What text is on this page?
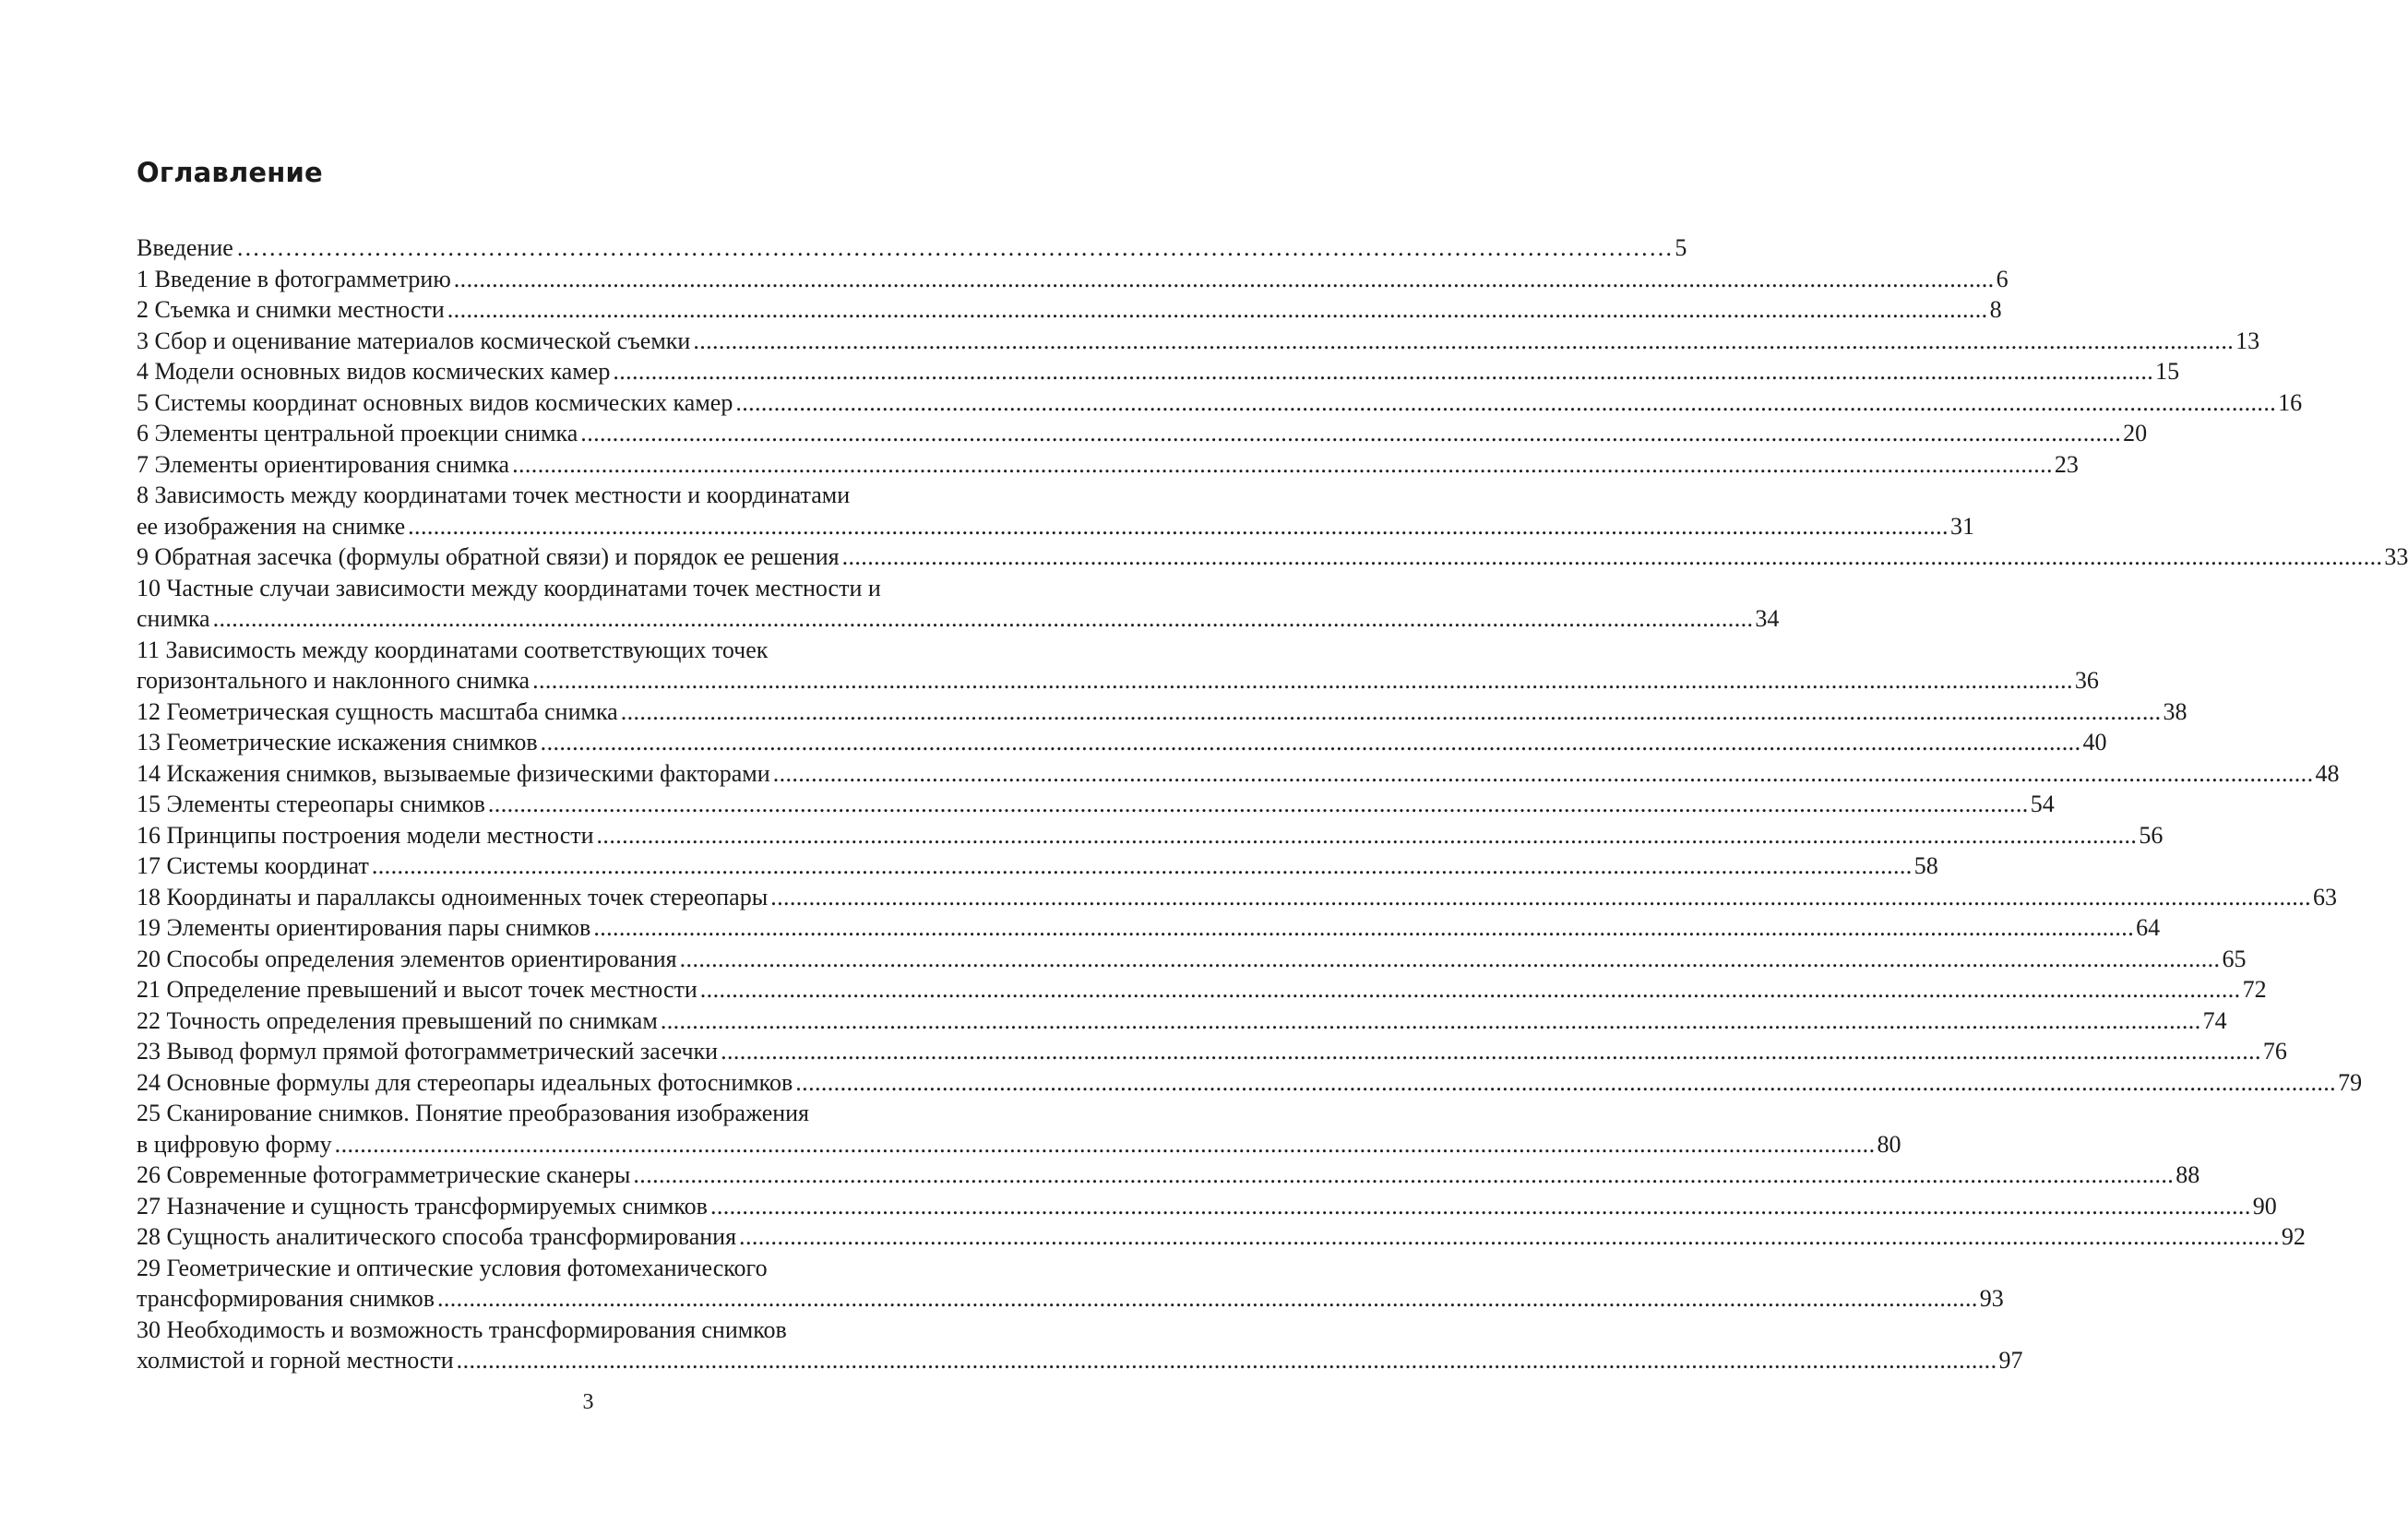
Оглавление
Введение ……………………………………………………………………………………………………………………………………………………………	5
1 Введение в фотограмметрию .....	6
2 Съемка и снимки местности .....	8
3 Сбор и оценивание материалов космической съемки .....	13
4 Модели основных видов космических камер .....	15
5 Системы координат основных видов космических камер .....	16
6 Элементы центральной проекции снимка .....	20
7 Элементы ориентирования снимка .....	23
8 Зависимость между координатами точек местности и координатами
ее изображения на снимке .....	31
9 Обратная засечка (формулы обратной связи) и порядок ее решения .....	33
10 Частные случаи зависимости между координатами точек местности и
снимка .....	34
11 Зависимость между координатами соответствующих точек
горизонтального и наклонного снимка .....	36
12 Геометрическая сущность масштаба снимка .....	38
13 Геометрические искажения снимков .....	40
14 Искажения снимков, вызываемые физическими факторами .....	48
15 Элементы стереопары снимков .....	54
16 Принципы построения модели местности .....	56
17 Системы координат .....	58
18 Координаты и параллаксы одноименных точек стереопары .....	63
19 Элементы ориентирования пары снимков .....	64
20 Способы определения элементов ориентирования .....	65
21 Определение превышений и высот точек местности .....	72
22 Точность определения превышений по снимкам .....	74
23 Вывод формул прямой фотограмметрический засечки .....	76
24 Основные формулы для стереопары идеальных фотоснимков .....	79
25 Сканирование снимков. Понятие преобразования изображения
в цифровую форму .....	80
26 Современные фотограмметрические сканеры .....	88
27 Назначение и сущность трансформируемых снимков .....	90
28 Сущность аналитического способа трансформирования .....	92
29 Геометрические и оптические условия фотомеханического
трансформирования снимков .....	93
30 Необходимость и возможность трансформирования снимков
холмистой и горной местности .....	97
3
